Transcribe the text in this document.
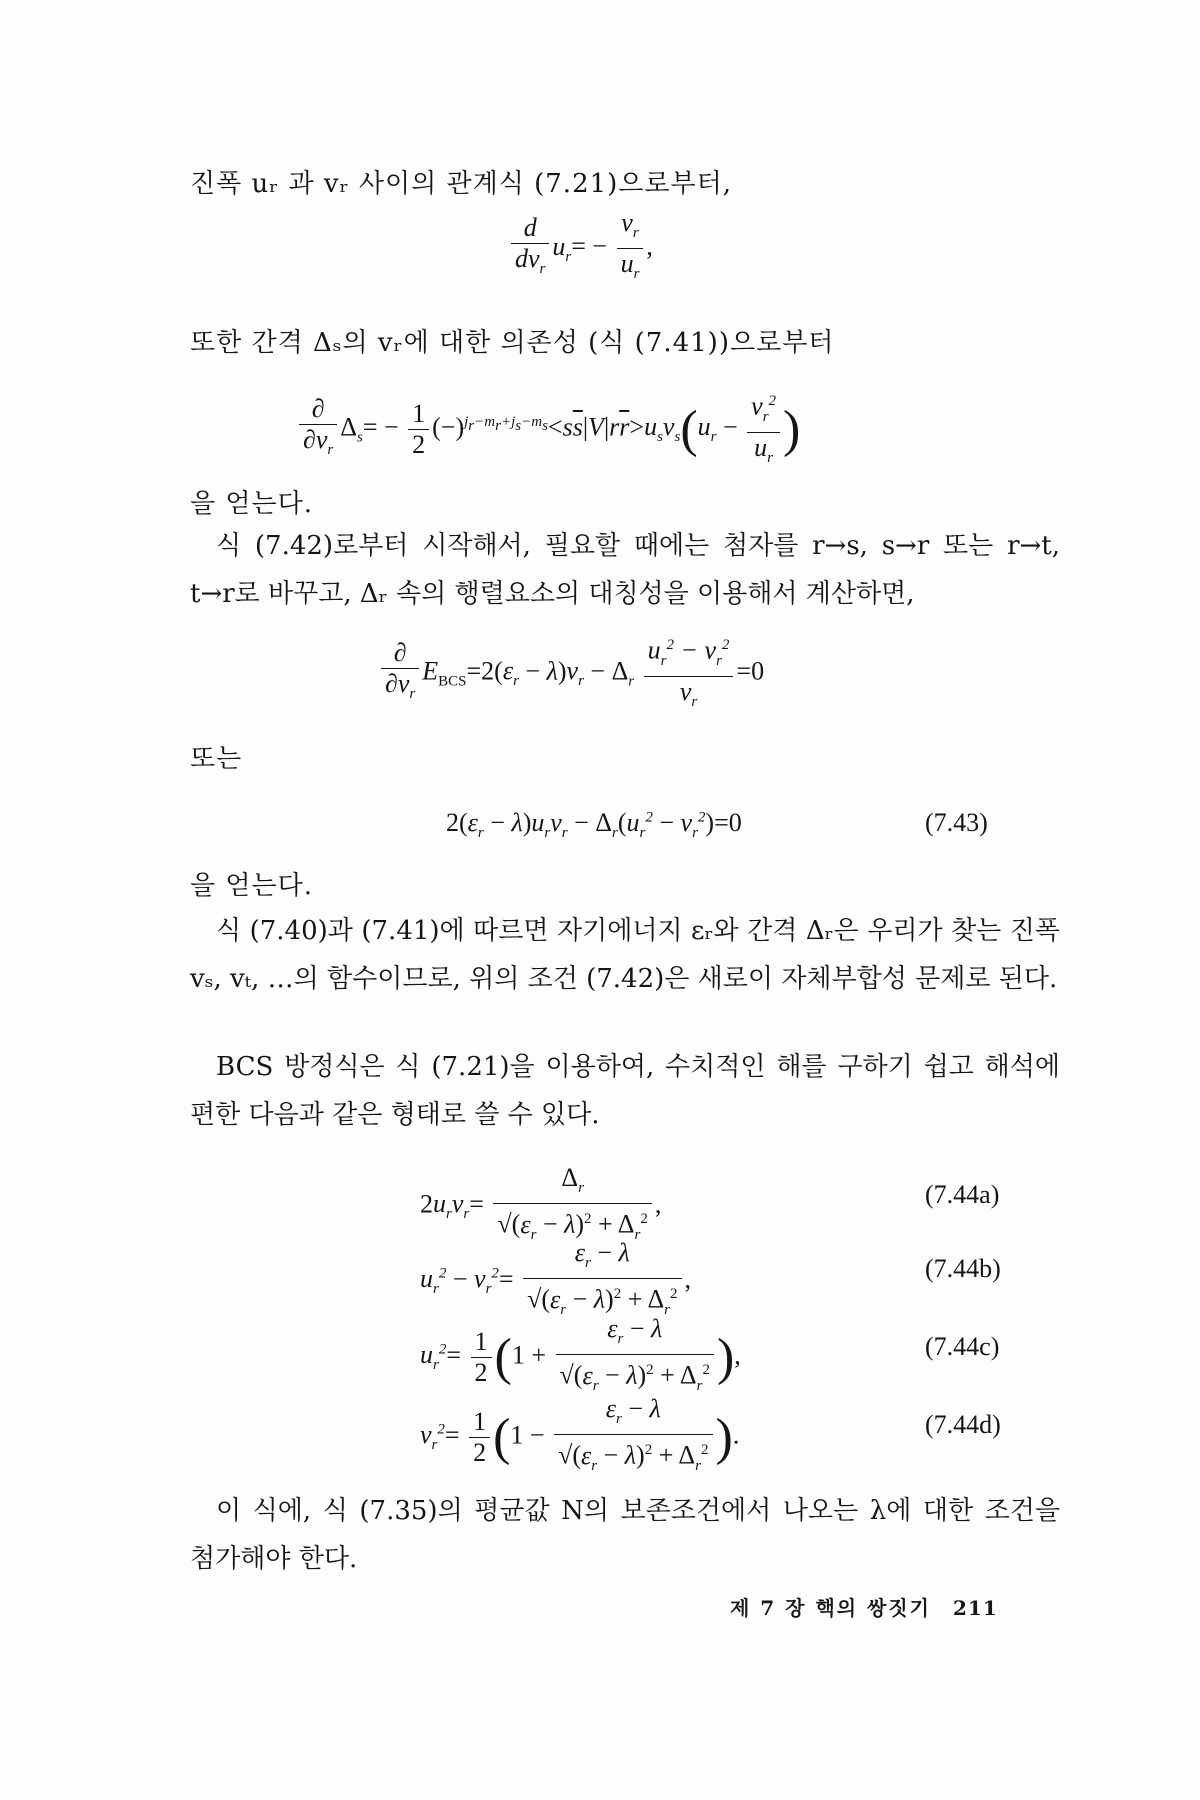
진폭 uᵣ 과 vᵣ 사이의 관계식 (7.21)으로부터,
$\frac{d}{dv_r} u_r= - \frac{v_r}{u_r}$ ,
또한 간격 Δₛ의 vᵣ에 대한 의존성 (식 (7.41))으로부터
$\frac{\partial}{\partial v_r} \Delta_s= - \frac{1}{2} (-)^{j_r-m_r+j_s-m_s}<s\overline{s}|V|r\overline{r}>u_sv_s(u_r - \frac{v_r^2}{u_r}$ )
을 얻는다.
식 (7.42)로부터 시작해서, 필요할 때에는 첨자를 r→s, s→r 또는 r→t, t→r로 바꾸고, Δᵣ 속의 행렬요소의 대칭성을 이용해서 계산하면,
$\frac{\partial}{\partial v_r} E_{BCS}=2(\varepsilon_r - \lambda)v_r - \Delta_r \frac{u_r^2 - v_r^2}{v_r} =0$
또는
$2(\varepsilon_r - \lambda)u_rv_r - \Delta_r(u_r^2 - v_r^2)=0$	(7.43)
을 얻는다.
식 (7.40)과 (7.41)에 따르면 자기에너지 εᵣ와 간격 Δᵣ은 우리가 찾는 진폭 vₛ, vₜ, …의 함수이므로, 위의 조건 (7.42)은 새로이 자체부합성 문제로 된다.
BCS 방정식은 식 (7.21)을 이용하여, 수치적인 해를 구하기 쉽고 해석에 편한 다음과 같은 형태로 쓸 수 있다.
$2u_rv_r= \frac{\Delta_r}{√(\varepsilon_r - \lambda)^2 + \Delta_r^2}$ ,	(7.44a)
$u_r^2 - v_r^2= \frac{\varepsilon_r - \lambda}{√(\varepsilon_r - \lambda)^2 + \Delta_r^2}$ ,	(7.44b)
$u_r^2= \frac{1}{2} (1 + \frac{\varepsilon_r - \lambda}{√(\varepsilon_r - \lambda)^2 + \Delta_r^2}$ ),	(7.44c)
$v_r^2= \frac{1}{2} (1 - \frac{\varepsilon_r - \lambda}{√(\varepsilon_r - \lambda)^2 + \Delta_r^2}$ ).	(7.44d)
이 식에, 식 (7.35)의 평균값 N의 보존조건에서 나오는 λ에 대한 조건을 첨가해야 한다.
제 7 장 핵의 쌍짓기 211
